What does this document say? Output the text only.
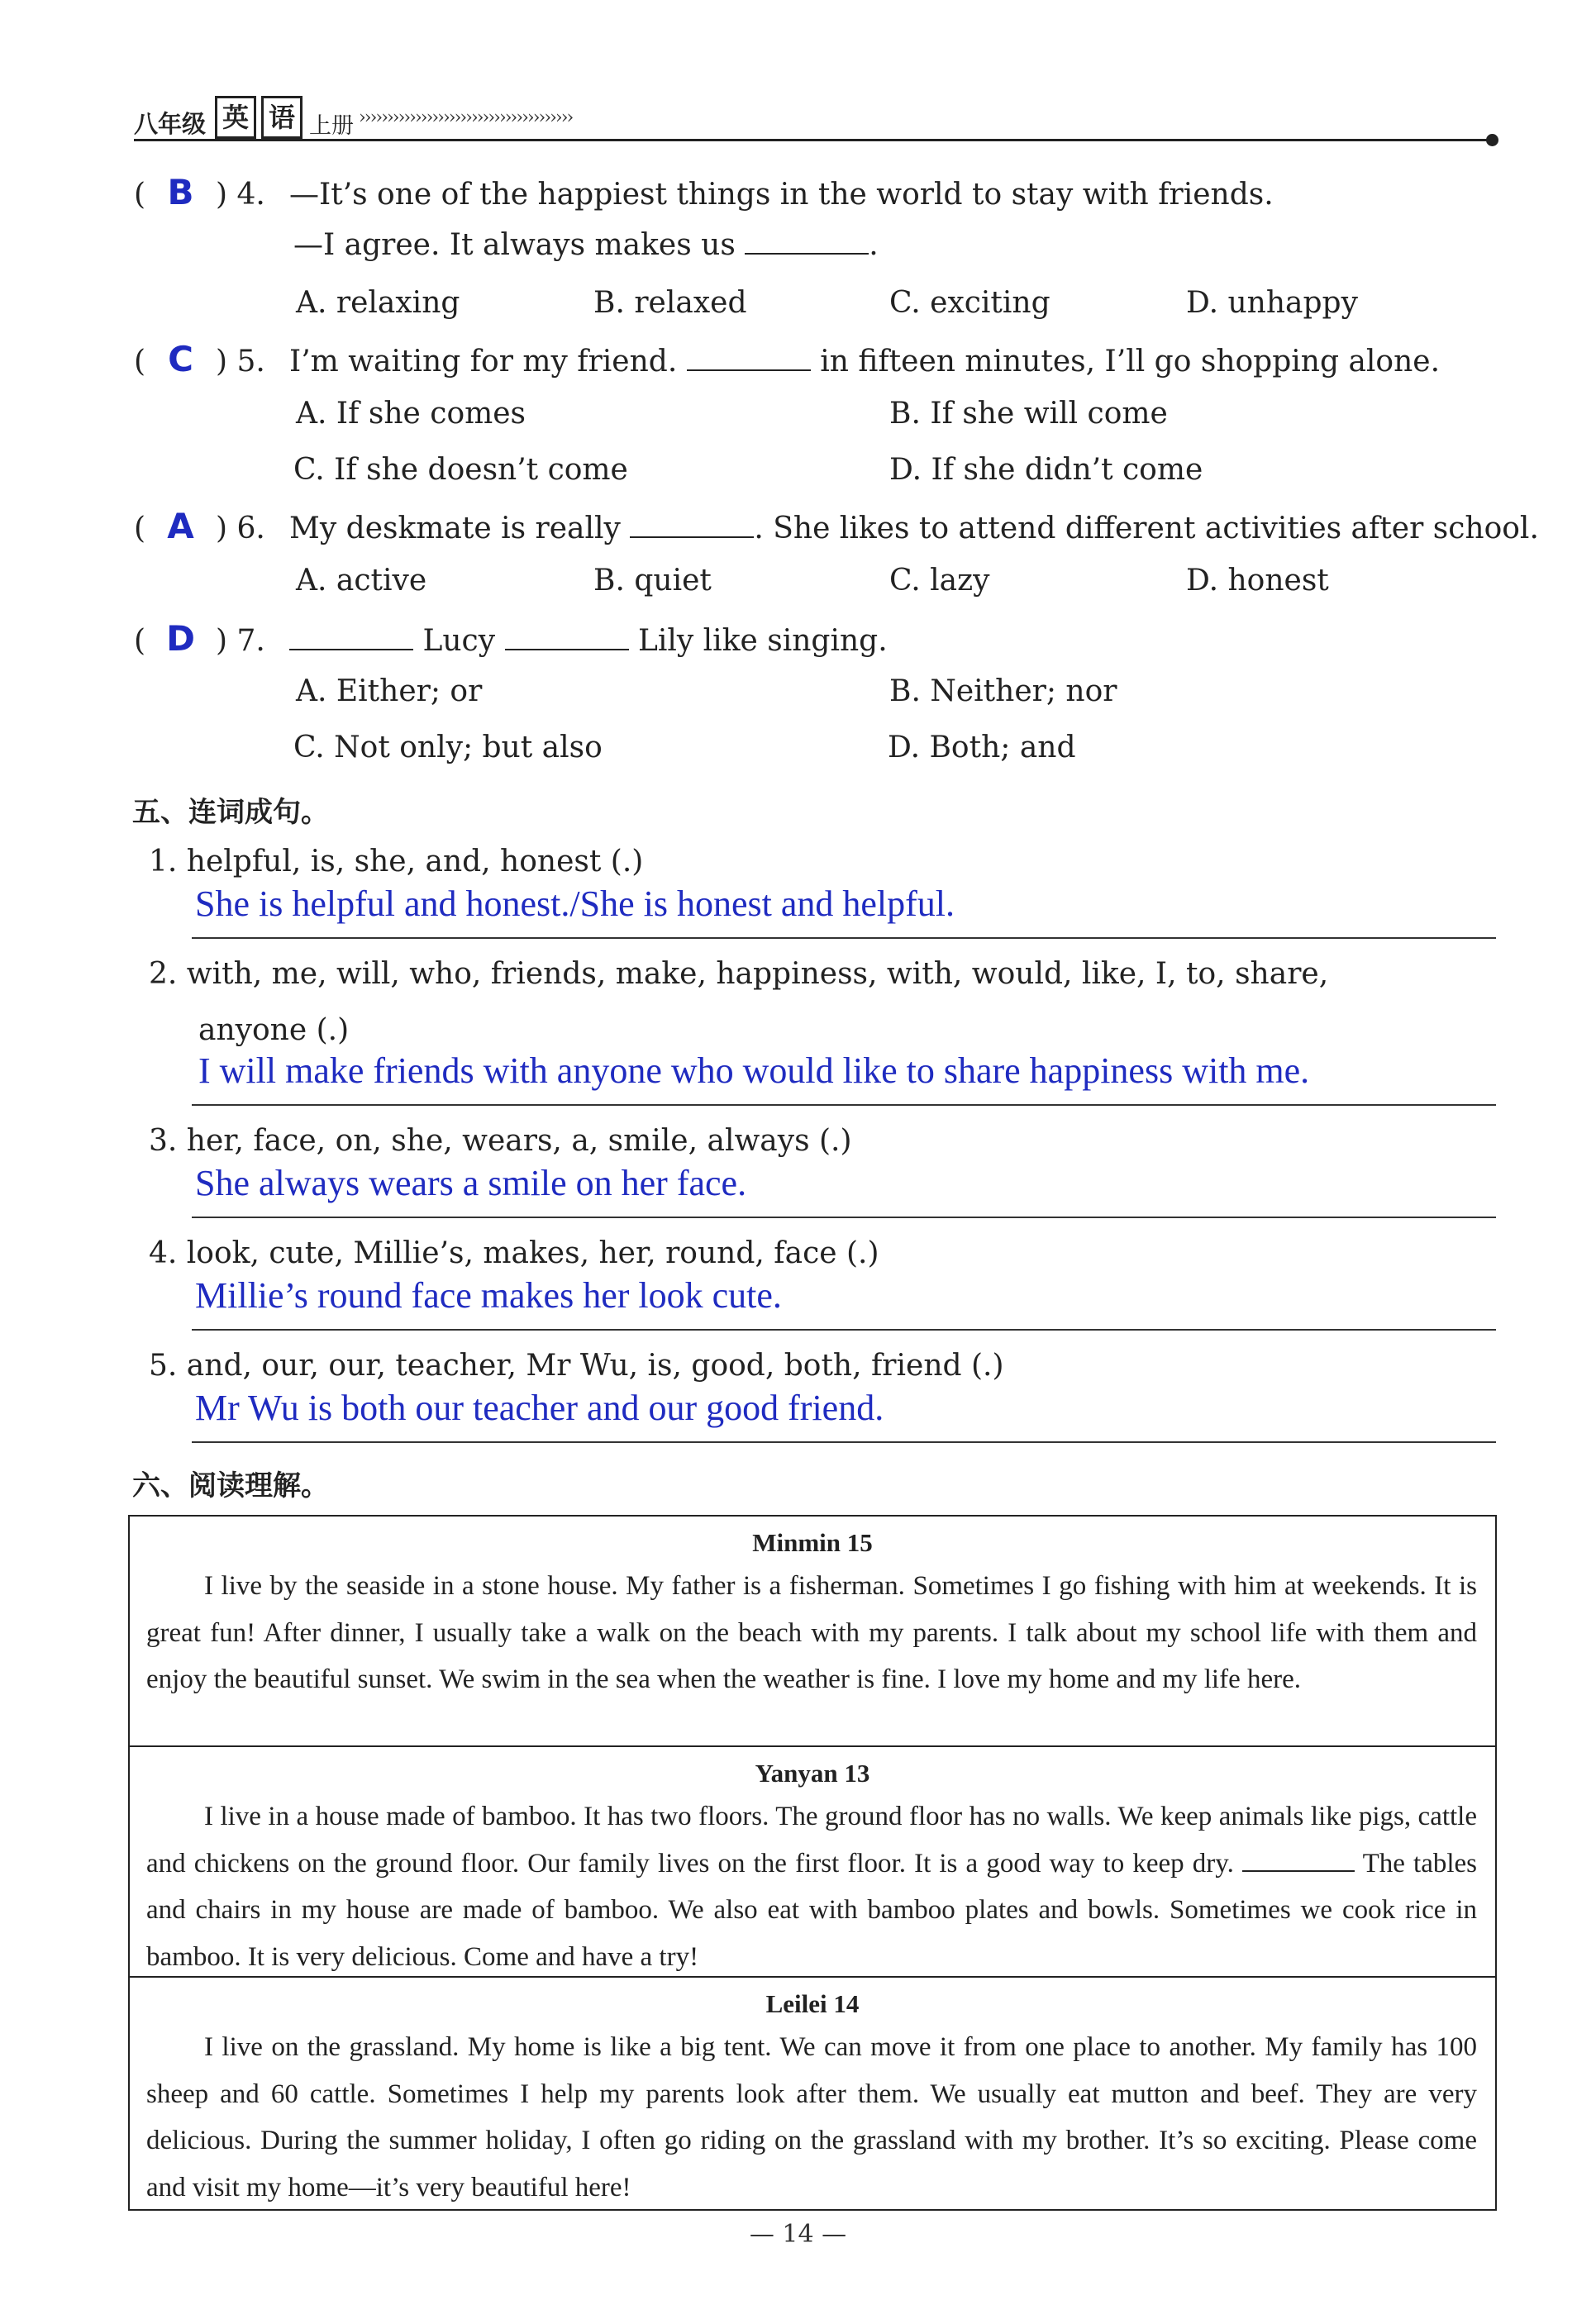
八年级 英 语 上册 ››››››››››››››››››››››››››››››››››››››
( B ) 4. —It’s one of the happiest things in the world to stay with friends.
—I agree. It always makes us	.
A. relaxing	B. relaxed	C. exciting	D. unhappy
( C ) 5. I’m waiting for my friend.	in fifteen minutes, I’ll go shopping alone.
A. If she comes	B. If she will come
C. If she doesn’t come	D. If she didn’t come
( A ) 6. My deskmate is really	. She likes to attend different activities after school.
A. active	B. quiet	C. lazy	D. honest
( D ) 7.	Lucy	Lily like singing.
A. Either; or	B. Neither; nor
C. Not only; but also	D. Both; and
五、连词成句。
1. helpful, is, she, and, honest (.)
She is helpful and honest./She is honest and helpful.
2. with, me, will, who, friends, make, happiness, with, would, like, I, to, share,
anyone (.)
I will make friends with anyone who would like to share happiness with me.
3. her, face, on, she, wears, a, smile, always (.)
She always wears a smile on her face.
4. look, cute, Millie’s, makes, her, round, face (.)
Millie’s round face makes her look cute.
5. and, our, our, teacher, Mr Wu, is, good, both, friend (.)
Mr Wu is both our teacher and our good friend.
六、阅读理解。
Minmin 15
I live by the seaside in a stone house. My father is a fisherman. Sometimes I go fishing with him at weekends. It is great fun! After dinner, I usually take a walk on the beach with my parents. I talk about my school life with them and enjoy the beautiful sunset. We swim in the sea when the weather is fine. I love my home and my life here.
Yanyan 13
I live in a house made of bamboo. It has two floors. The ground floor has no walls. We keep animals like pigs, cattle and chickens on the ground floor. Our family lives on the first floor. It is a good way to keep dry.	The tables and chairs in my house are made of bamboo. We also eat with bamboo plates and bowls. Sometimes we cook rice in bamboo. It is very delicious. Come and have a try!
Leilei 14
I live on the grassland. My home is like a big tent. We can move it from one place to another. My family has 100 sheep and 60 cattle. Sometimes I help my parents look after them. We usually eat mutton and beef. They are very delicious. During the summer holiday, I often go riding on the grassland with my brother. It’s so exciting. Please come and visit my home—it’s very beautiful here!
— 14 —
